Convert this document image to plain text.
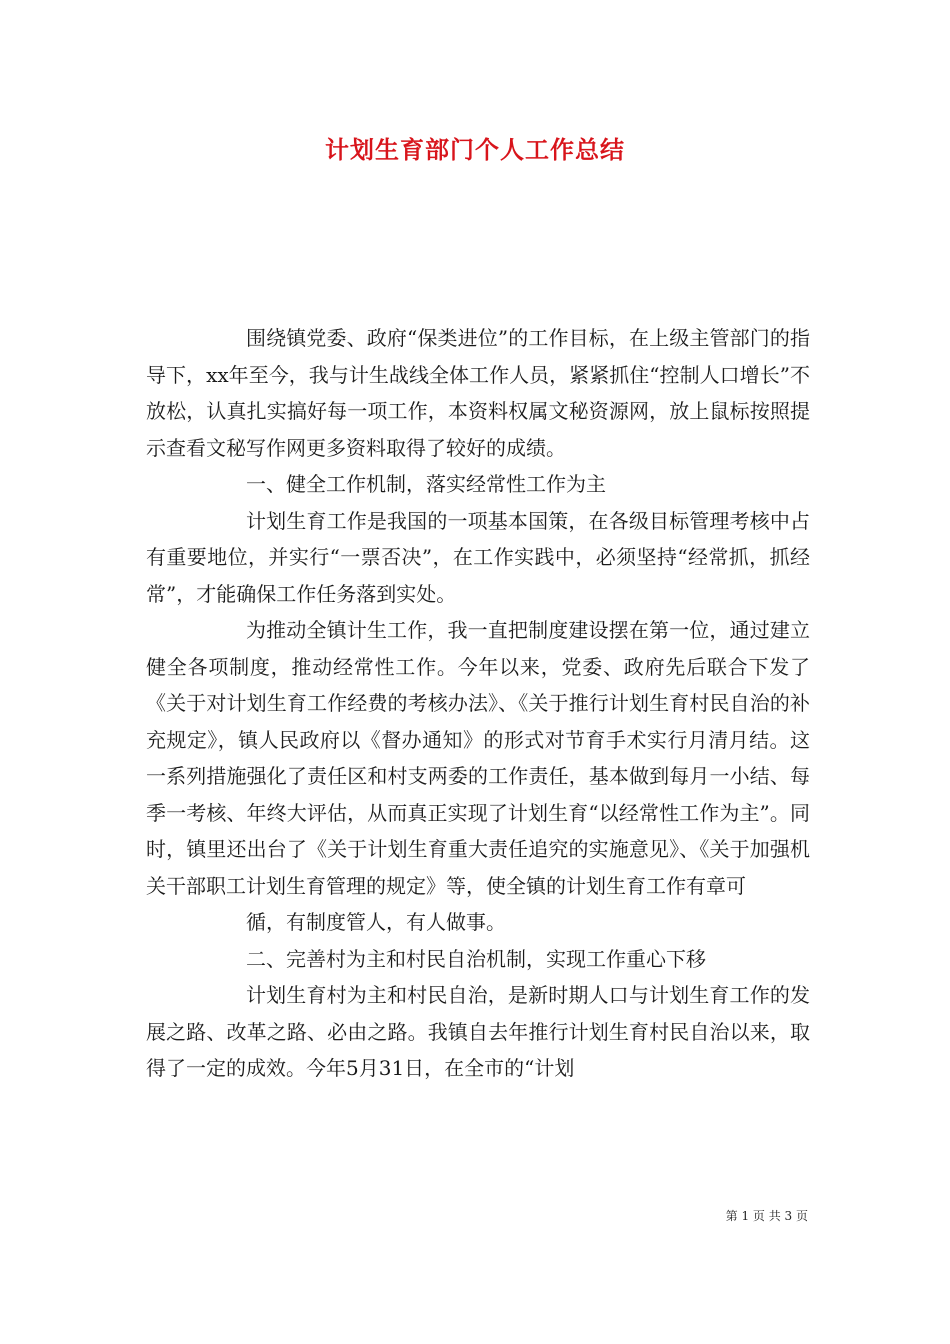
计划生育部门个人工作总结

围绕镇党委、政府“保类进位”的工作目标，在上级主管部门的指导下，xx年至今，我与计生战线全体工作人员，紧紧抓住“控制人口增长”不放松，认真扎实搞好每一项工作，本资料权属文秘资源网，放上鼠标按照提示查看文秘写作网更多资料取得了较好的成绩。

一、健全工作机制，落实经常性工作为主

计划生育工作是我国的一项基本国策，在各级目标管理考核中占有重要地位，并实行“一票否决”，在工作实践中，必须坚持“经常抓，抓经常”，才能确保工作任务落到实处。

为推动全镇计生工作，我一直把制度建设摆在第一位，通过建立健全各项制度，推动经常性工作。今年以来，党委、政府先后联合下发了《关于对计划生育工作经费的考核办法》、《关于推行计划生育村民自治的补充规定》，镇人民政府以《督办通知》的形式对节育手术实行月清月结。这一系列措施强化了责任区和村支两委的工作责任，基本做到每月一小结、每季一考核、年终大评估，从而真正实现了计划生育“以经常性工作为主”。同时，镇里还出台了《关于计划生育重大责任追究的实施意见》、《关于加强机关干部职工计划生育管理的规定》等，使全镇的计划生育工作有章可

循，有制度管人，有人做事。

二、完善村为主和村民自治机制，实现工作重心下移

计划生育村为主和村民自治，是新时期人口与计划生育工作的发展之路、改革之路、必由之路。我镇自去年推行计划生育村民自治以来，取得了一定的成效。今年5月31日，在全市的“计划

第 1 页 共 3 页
